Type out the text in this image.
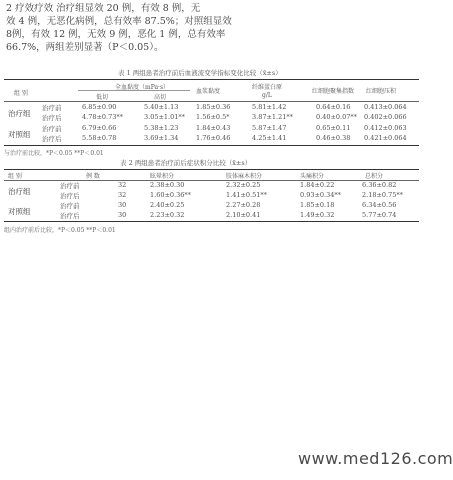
2 疗效疗效 治疗组显效 20 例，有效 8 例，无

效 4 例，无恶化病例，总有效率 87.5%；对照组显效

8例，有效 12 例，无效 9 例，恶化 1 例，总有效率

66.7%，两组差别显著（P＜0.05）。

表 1 两组患者治疗前后血液流变学指标变化比较（x̄±s）
组 别
全血黏度（mPa·s）
低切	高切
血浆黏度
纤维蛋白原
g/L
红细胞聚集指数 红细胞压积
治疗组
治疗前	6.85±0.90	5.40±1.13	1.85±0.36	5.81±1.42	0.64±0.16 0.413±0.064
治疗后	4.78±0.73**	3.05±1.01** 1.56±0.5*	3.87±1.21**	0.40±0.07** 0.402±0.066
对照组
治疗前	6.79±0.66	5.38±1.23	1.84±0.43	5.87±1.47	0.65±0.11 0.412±0.063
治疗后	5.58±0.78	3.69±1.34	1.76±0.46	4.25±1.41	0.46±0.38 0.421±0.064
与治疗前比较，*P＜0.05 **P＜0.01
表 2 两组患者治疗前后症状积分比较（x̄±s）
组 别	例 数	眩晕积分	肢体麻木积分	头痛积分	总积分
治疗组
治疗前	32	2.38±0.30	2.32±0.25	1.84±0.22	6.36±0.82
治疗后	32	1.60±0.36**	1.41±0.51**	0.93±0.34**	2.18±0.75**
对照组
治疗前	30	2.40±0.25	2.27±0.28	1.85±0.18	6.34±0.56
治疗后	30	2.23±0.32	2.10±0.41	1.49±0.32	5.77±0.74
组内治疗前后比较，*P＜0.05 **P＜0.01
www.med126.com
